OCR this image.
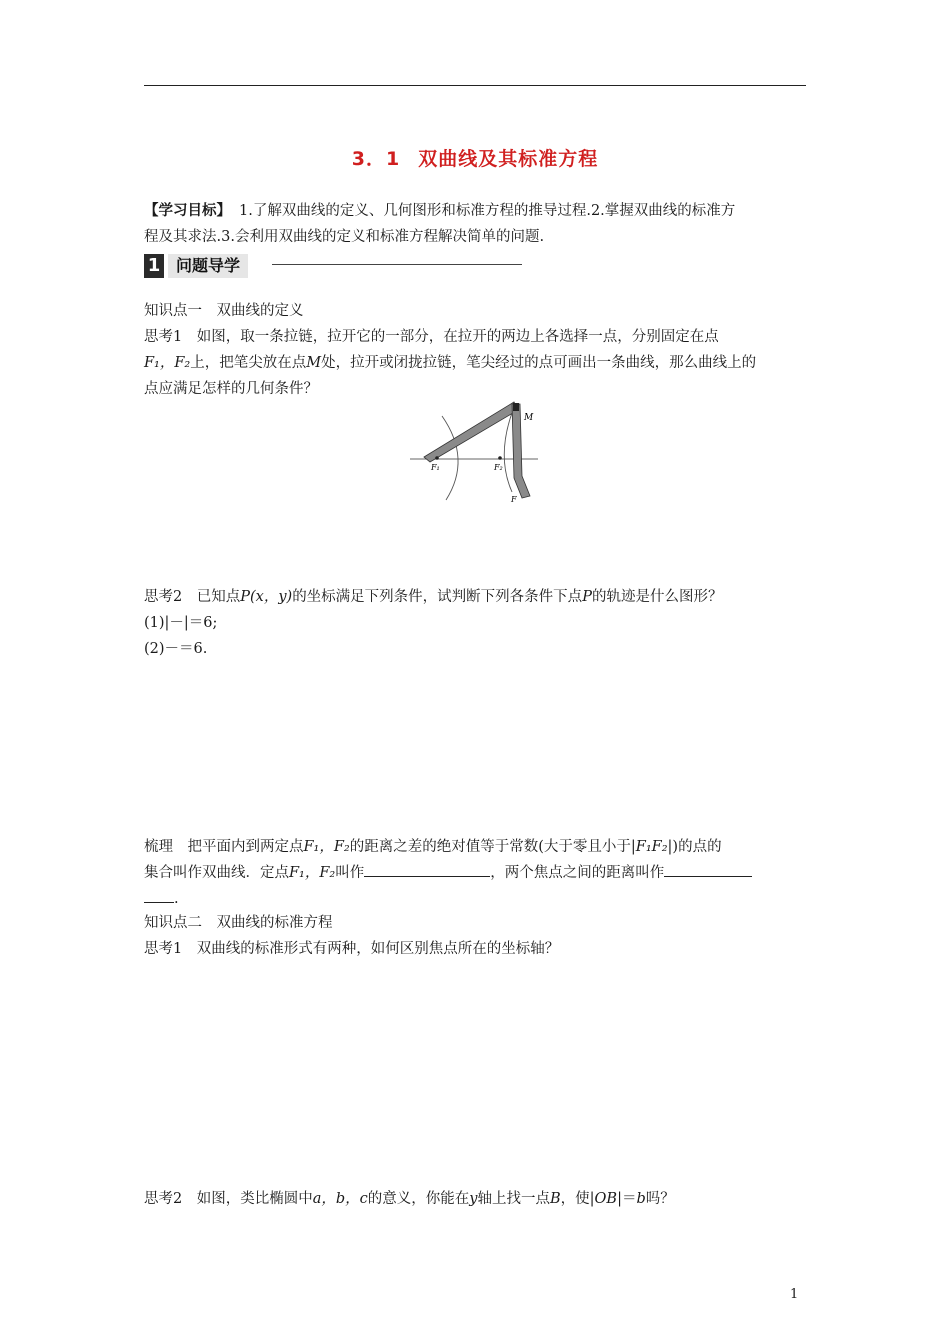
3．1 双曲线及其标准方程
【学习目标】 1.了解双曲线的定义、几何图形和标准方程的推导过程.2.掌握双曲线的标准方
程及其求法.3.会利用双曲线的定义和标准方程解决简单的问题.
1 问题导学
知识点一　双曲线的定义
思考1　如图，取一条拉链，拉开它的一部分，在拉开的两边上各选择一点，分别固定在点
F₁，F₂上，把笔尖放在点M处，拉开或闭拢拉链，笔尖经过的点可画出一条曲线，那么曲线上的
点应满足怎样的几何条件？
M
F₁	F₂
F
思考2　已知点P(x，y)的坐标满足下列条件，试判断下列各条件下点P的轨迹是什么图形？
(1)|－|＝6;
(2)－＝6.
梳理　把平面内到两定点F₁，F₂的距离之差的绝对值等于常数(大于零且小于|F₁F₂|)的点的
集合叫作双曲线．定点F₁，F₂叫作	，两个焦点之间的距离叫作
.
知识点二　双曲线的标准方程
思考1　双曲线的标准形式有两种，如何区别焦点所在的坐标轴？
思考2　如图，类比椭圆中a，b，c的意义，你能在y轴上找一点B，使|OB|＝b吗？
1
